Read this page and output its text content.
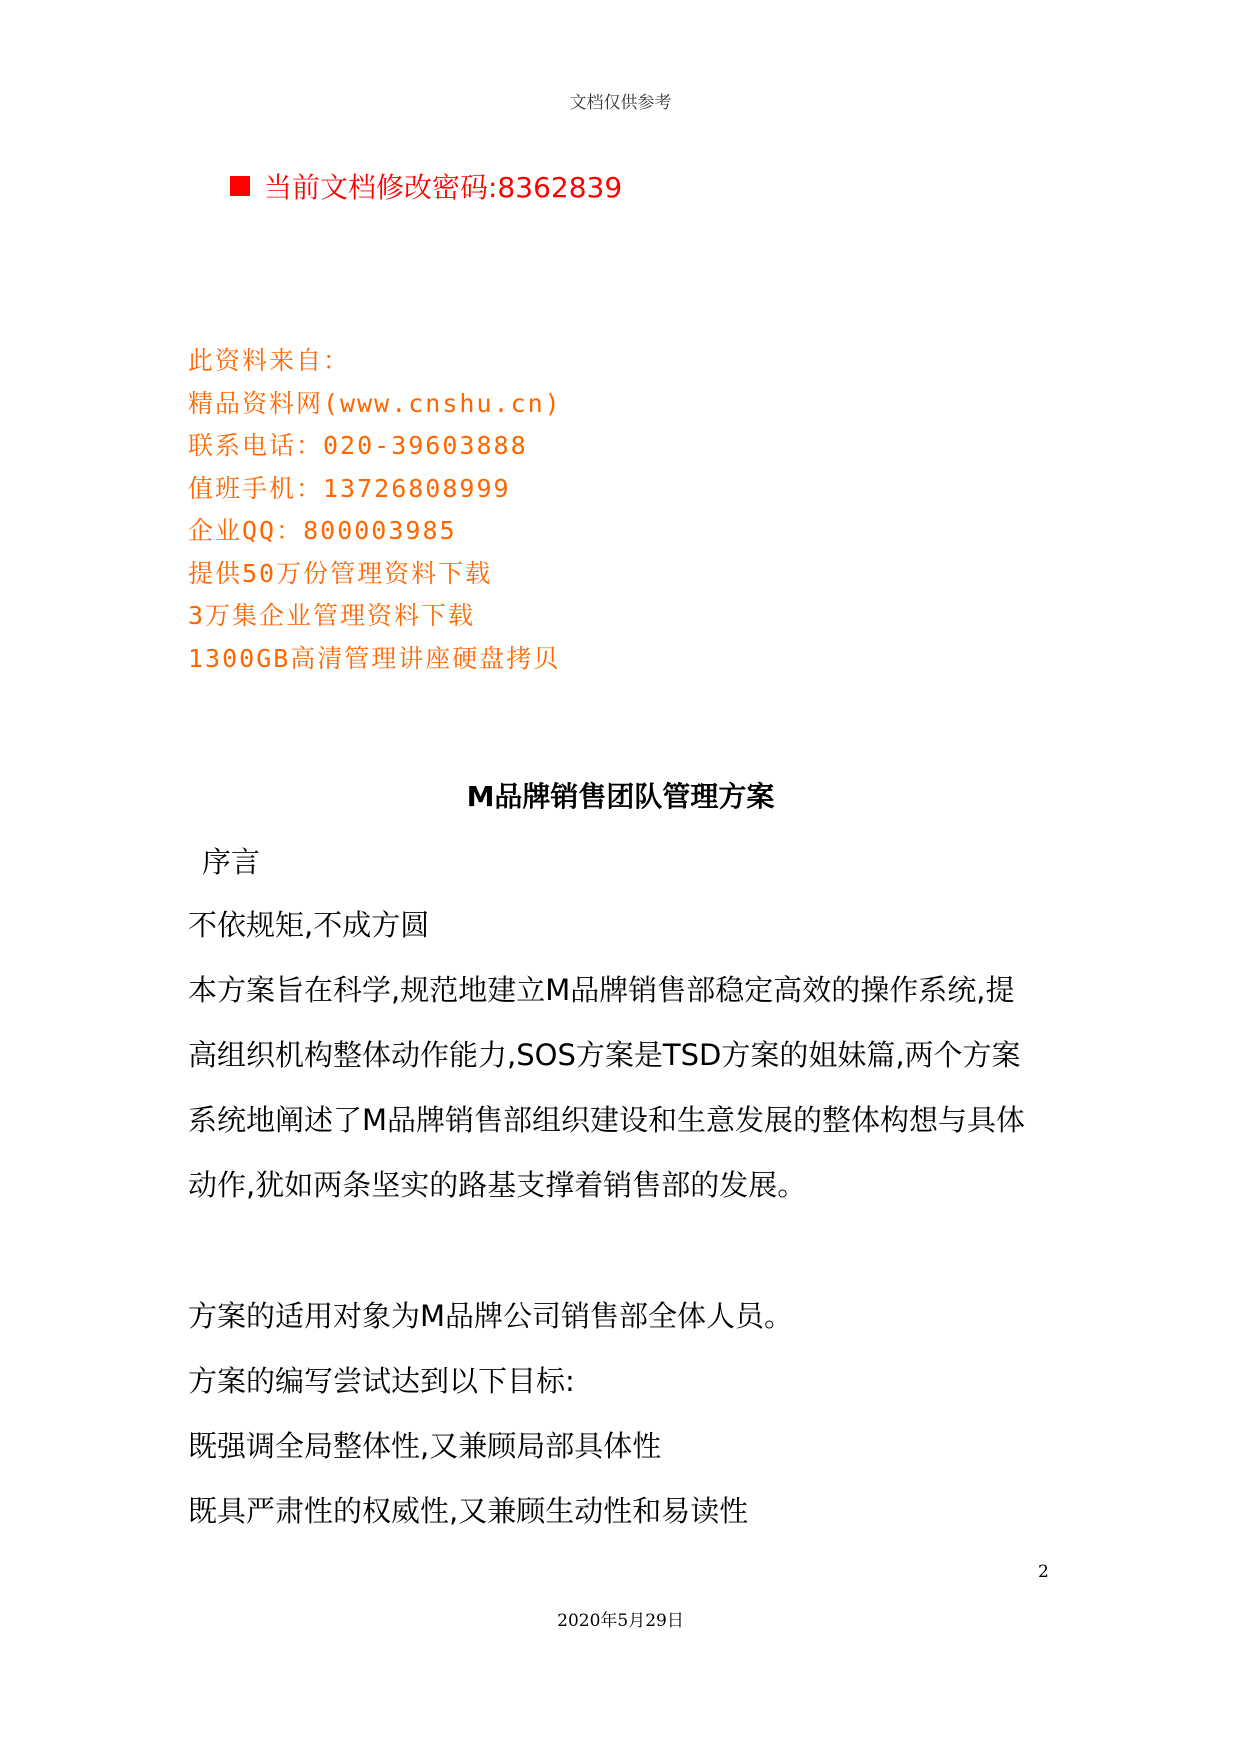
文档仅供参考
当前文档修改密码:8362839
此资料来自：
精品资料网(www.cnshu.cn)
联系电话：020-39603888
值班手机：13726808999
企业QQ：800003985
提供50万份管理资料下载
3万集企业管理资料下载
1300GB高清管理讲座硬盘拷贝
M品牌销售团队管理方案
序言
不依规矩,不成方圆
本方案旨在科学,规范地建立M品牌销售部稳定高效的操作系统,提
高组织机构整体动作能力,SOS方案是TSD方案的姐妹篇,两个方案
系统地阐述了M品牌销售部组织建设和生意发展的整体构想与具体
动作,犹如两条坚实的路基支撑着销售部的发展。
方案的适用对象为M品牌公司销售部全体人员。
方案的编写尝试达到以下目标:
既强调全局整体性,又兼顾局部具体性
既具严肃性的权威性,又兼顾生动性和易读性
2
2020年5月29日
